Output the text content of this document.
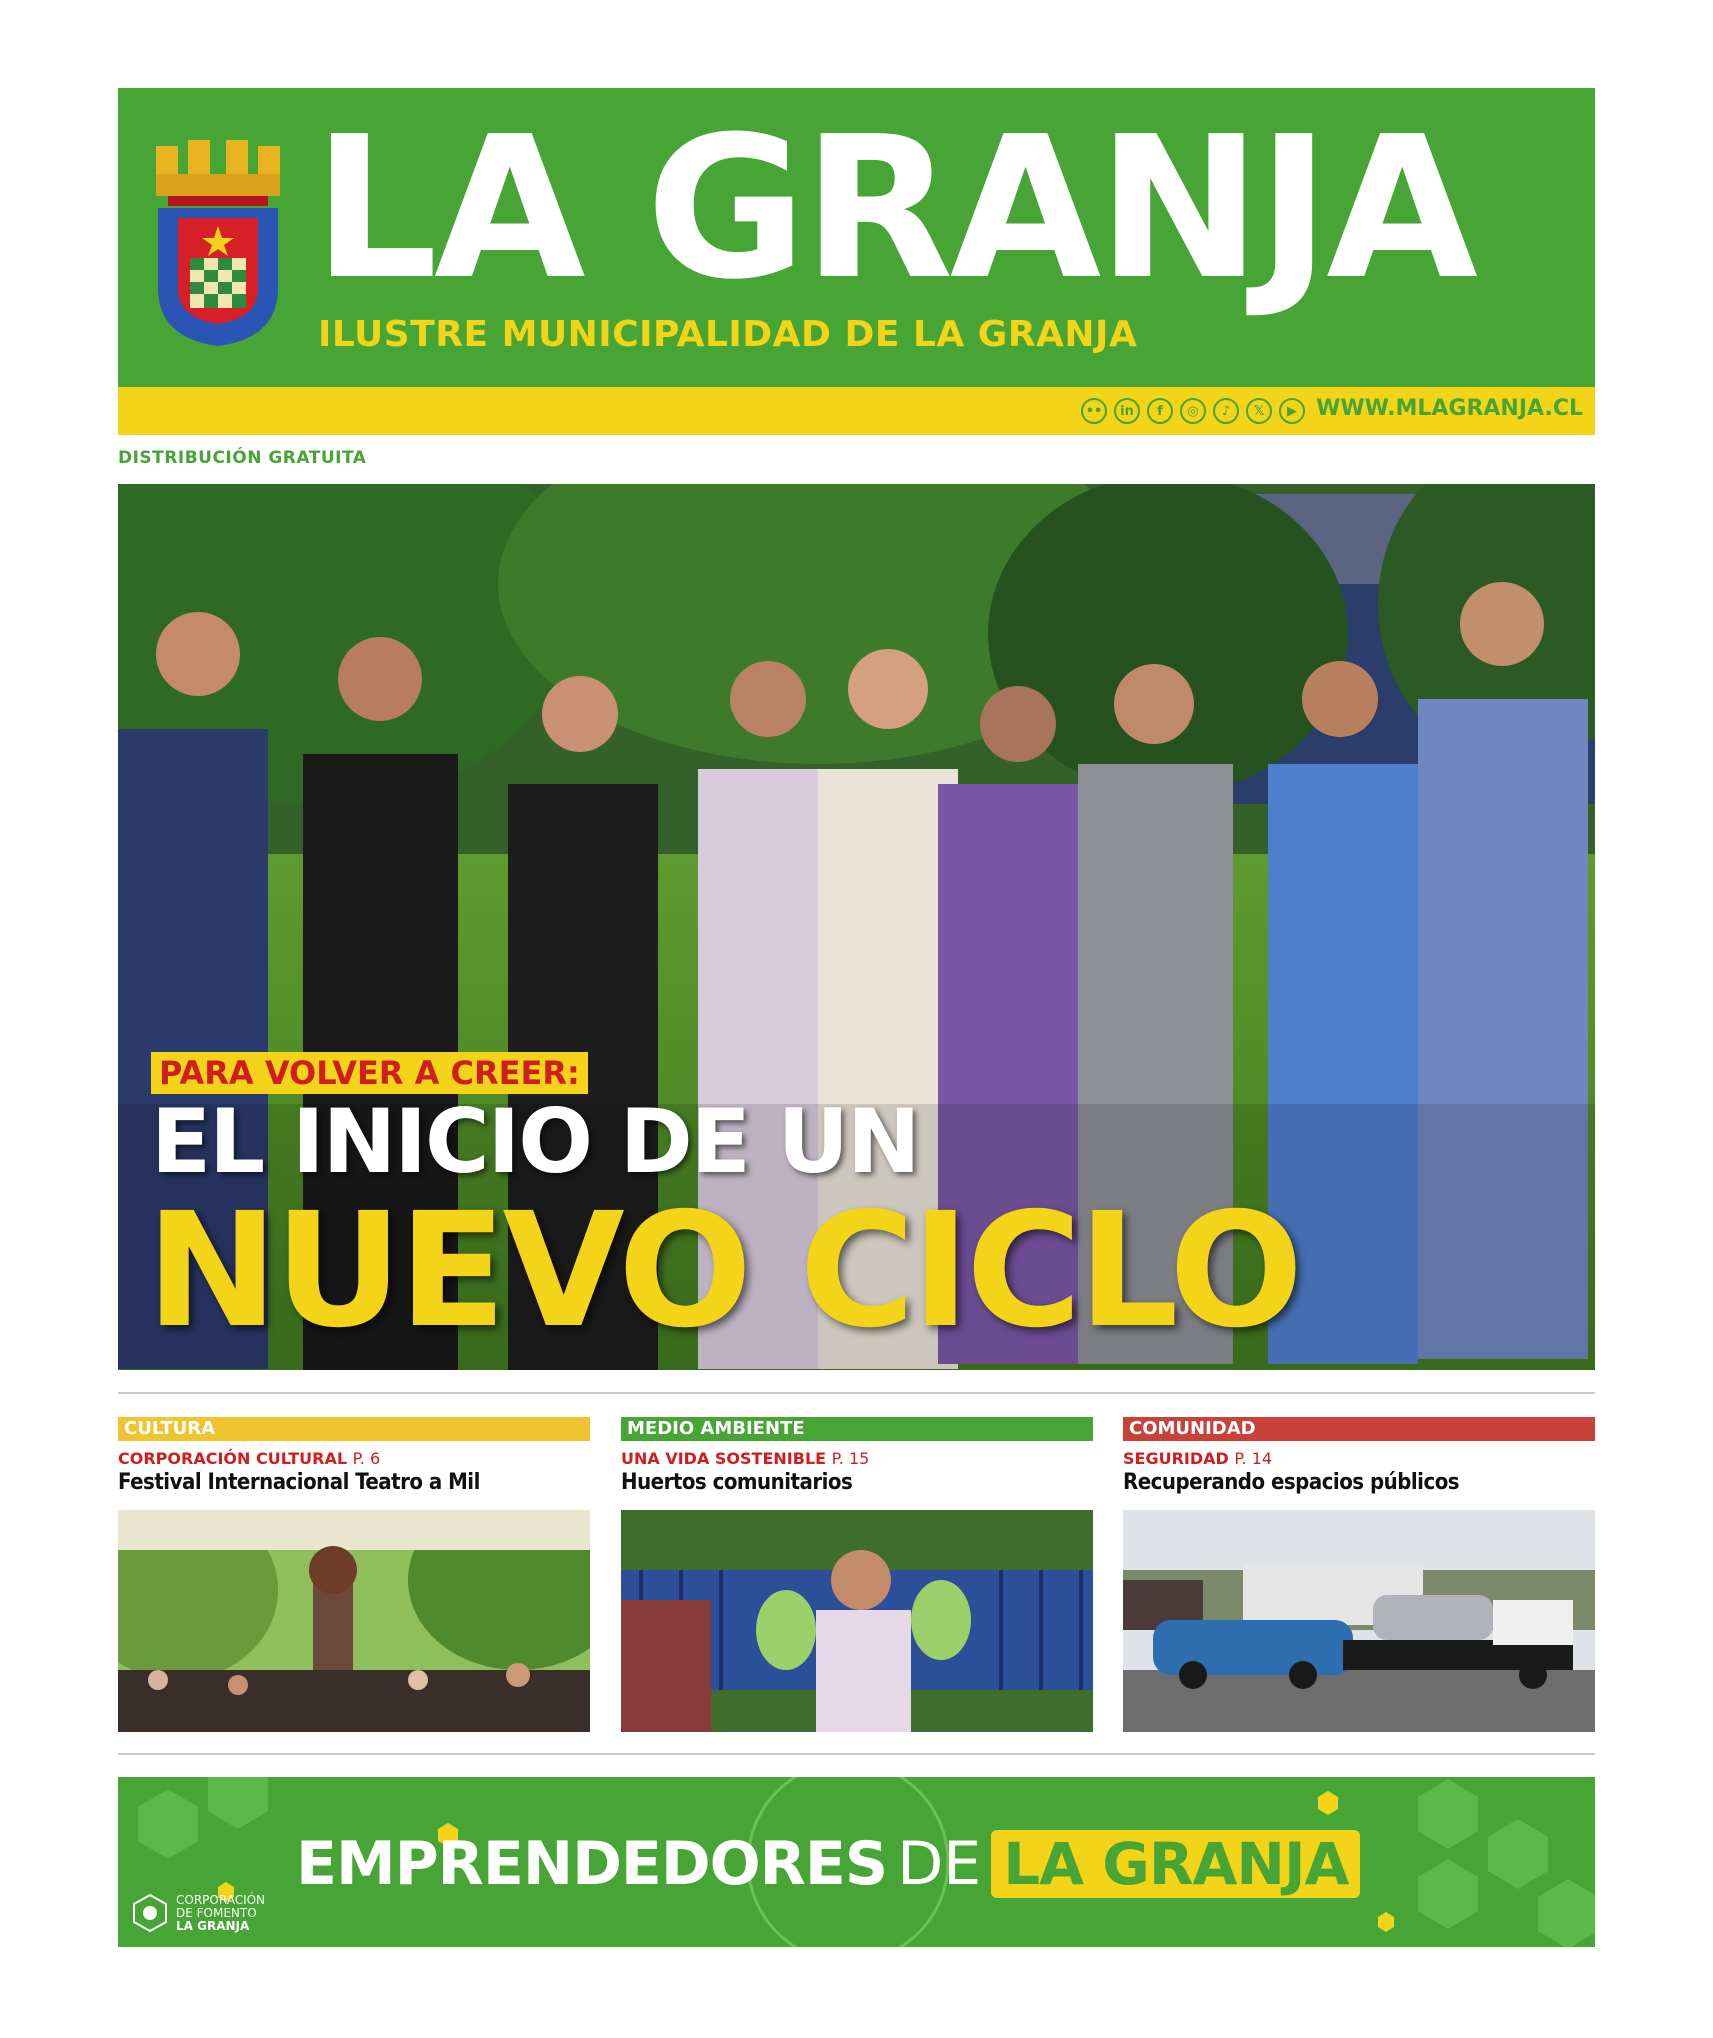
LA GRANJA
ILUSTRE MUNICIPALIDAD DE LA GRANJA
••	in	f	◎	♪	𝕏	▶ WWW.MLAGRANJA.CL
DISTRIBUCIÓN GRATUITA
PARA VOLVER A CREER:
EL INICIO DE UN
NUEVO CICLO
CULTURA
CORPORACIÓN CULTURAL P. 6
Festival Internacional Teatro a Mil
MEDIO AMBIENTE
UNA VIDA SOSTENIBLE P. 15
Huertos comunitarios
COMUNIDAD
SEGURIDAD P. 14
Recuperando espacios públicos
EMPRENDEDORES DE LA GRANJA
CORPORACIÓN
DE FOMENTO
LA GRANJA
